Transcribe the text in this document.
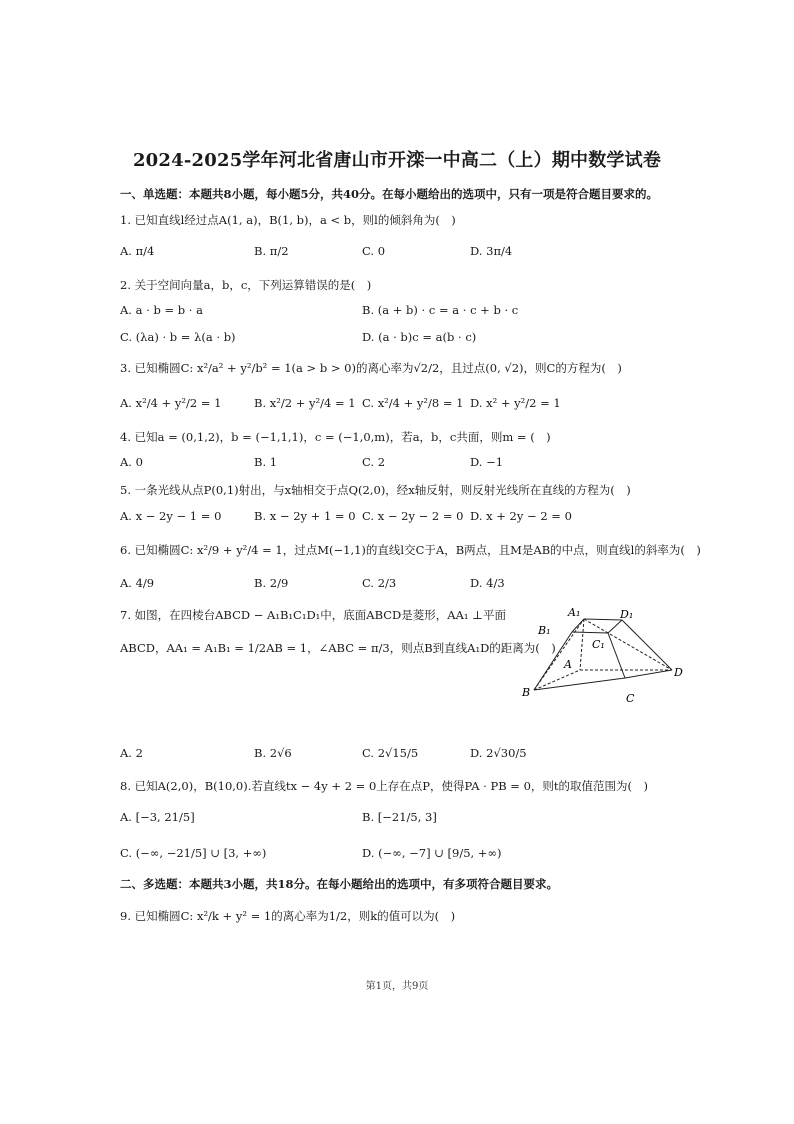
2024-2025学年河北省唐山市开滦一中高二（上）期中数学试卷
一、单选题：本题共8小题，每小题5分，共40分。在每小题给出的选项中，只有一项是符合题目要求的。
1. 已知直线l经过点A(1, a)，B(1, b)，a < b，则l的倾斜角为(　)
A. π/4	B. π/2	C. 0	D. 3π/4
2. 关于空间向量a，b，c，下列运算错误的是(　)
A. a · b = b · a	B. (a + b) · c = a · c + b · c
C. (λa) · b = λ(a · b)	D. (a · b)c = a(b · c)
3. 已知椭圆C: x²/a² + y²/b² = 1(a > b > 0)的离心率为√2/2，且过点(0, √2)，则C的方程为(　)
A. x²/4 + y²/2 = 1	B. x²/2 + y²/4 = 1 C. x²/4 + y²/8 = 1 D. x² + y²/2 = 1
4. 已知a = (0,1,2)，b = (−1,1,1)，c = (−1,0,m)，若a，b，c共面，则m = (　)
A. 0	B. 1	C. 2	D. −1
5. 一条光线从点P(0,1)射出，与x轴相交于点Q(2,0)，经x轴反射，则反射光线所在直线的方程为(　)
A. x − 2y − 1 = 0	B. x − 2y + 1 = 0 C. x − 2y − 2 = 0 D. x + 2y − 2 = 0
6. 已知椭圆C: x²/9 + y²/4 = 1，过点M(−1,1)的直线l交C于A，B两点，且M是AB的中点，则直线l的斜率为(　)
A. 4/9	B. 2/9	C. 2/3	D. 4/3
7. 如图，在四棱台ABCD − A₁B₁C₁D₁中，底面ABCD是菱形，AA₁ ⊥平面
ABCD，AA₁ = A₁B₁ = 1/2AB = 1，∠ABC = π/3，则点B到直线A₁D的距离为(　)
A₁	D₁
B₁
C₁
A
D
B	C
A. 2	B. 2√6	C. 2√15/5	D. 2√30/5
8. 已知A(2,0)，B(10,0).若直线tx − 4y + 2 = 0上存在点P，使得PA · PB = 0，则t的取值范围为(　)
A. [−3, 21/5]	B. [−21/5, 3]
C. (−∞, −21/5] ∪ [3, +∞)	D. (−∞, −7] ∪ [9/5, +∞)
二、多选题：本题共3小题，共18分。在每小题给出的选项中，有多项符合题目要求。
9. 已知椭圆C: x²/k + y² = 1的离心率为1/2，则k的值可以为(　)
第1页，共9页
